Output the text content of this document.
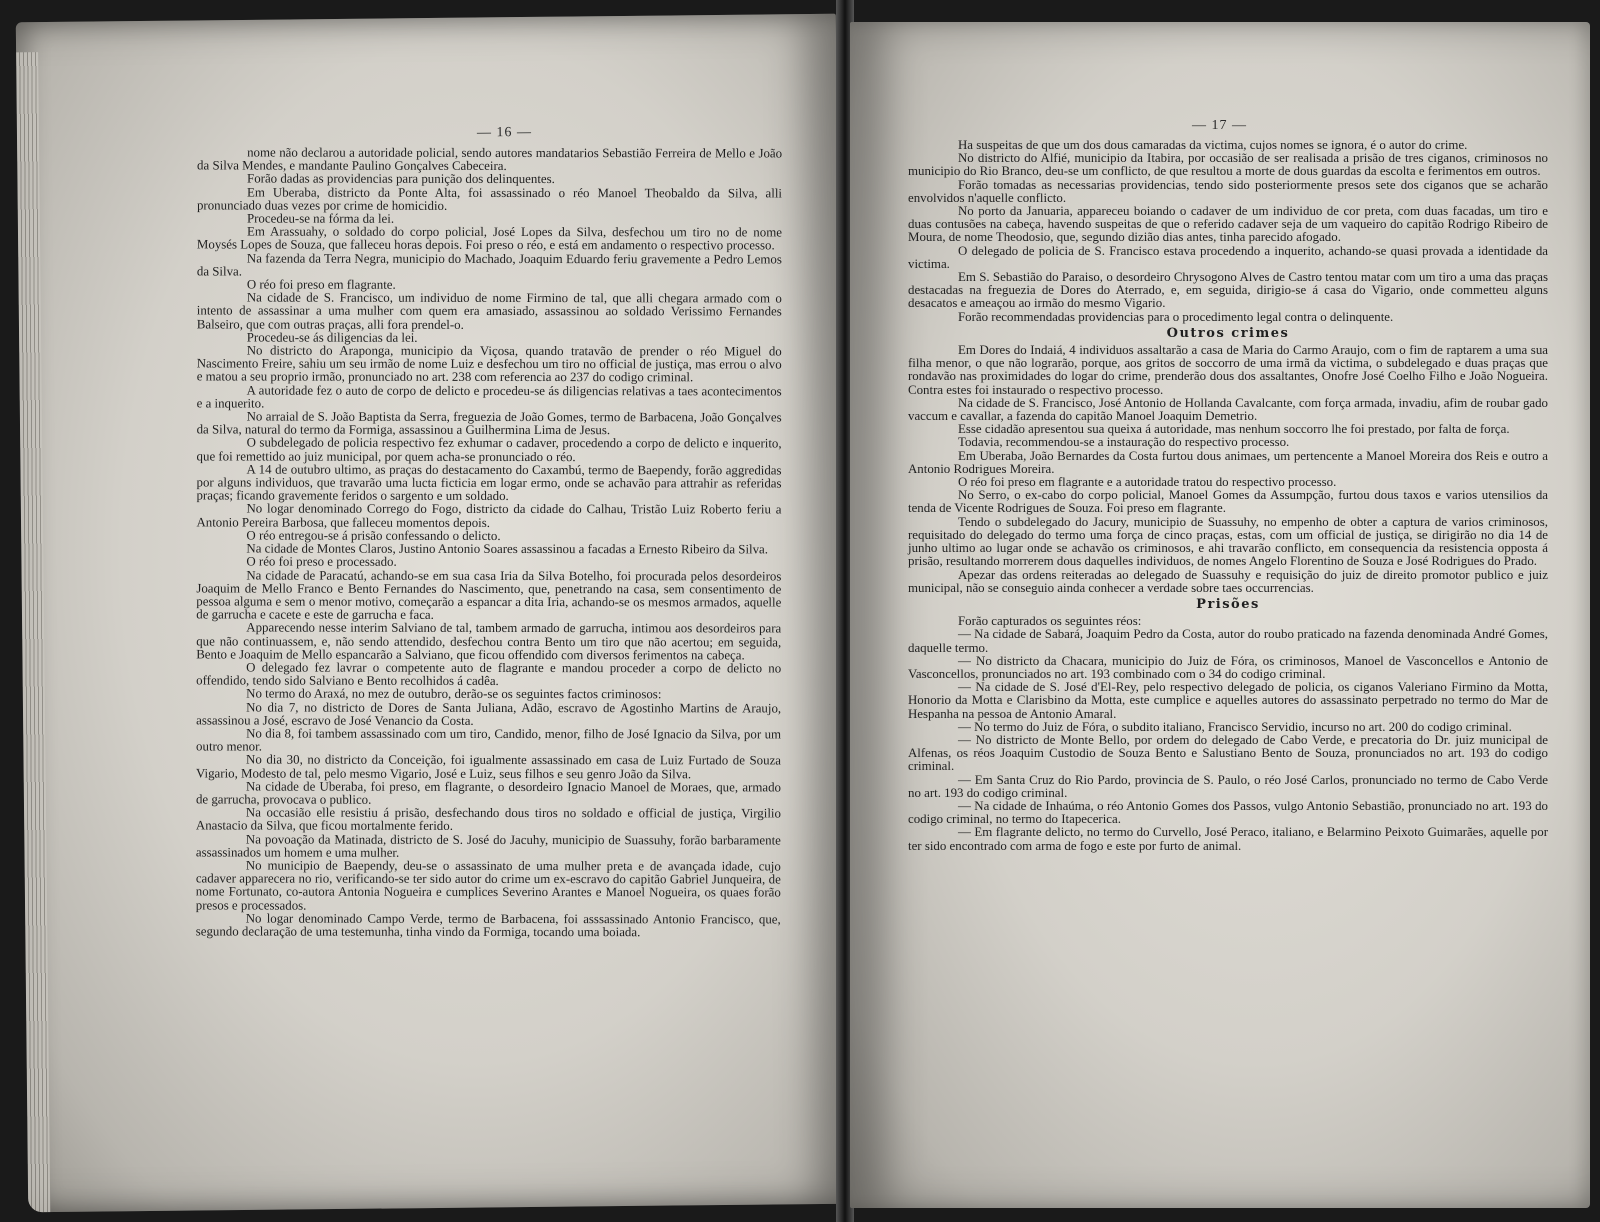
— 16 —

nome não declarou a autoridade policial, sendo autores mandatarios Sebastião Ferreira de Mello e João da Silva Mendes, e mandante Paulino Gonçalves Cabeceira.

Forão dadas as providencias para punição dos delinquentes.

Em Uberaba, districto da Ponte Alta, foi assassinado o réo Manoel Theobaldo da Silva, alli pronunciado duas vezes por crime de homicidio.

Procedeu-se na fórma da lei.

Em Arassuahy, o soldado do corpo policial, José Lopes da Silva, desfechou um tiro no de nome Moysés Lopes de Souza, que falleceu horas depois. Foi preso o réo, e está em andamento o respectivo processo.

Na fazenda da Terra Negra, municipio do Machado, Joaquim Eduardo feriu gravemente a Pedro Lemos da Silva.

O réo foi preso em flagrante.

Na cidade de S. Francisco, um individuo de nome Firmino de tal, que alli chegara armado com o intento de assassinar a uma mulher com quem era amasiado, assassinou ao soldado Verissimo Fernandes Balseiro, que com outras praças, alli fora prendel-o.

Procedeu-se ás diligencias da lei.

No districto do Araponga, municipio da Viçosa, quando tratavão de prender o réo Miguel do Nascimento Freire, sahiu um seu irmão de nome Luiz e desfechou um tiro no official de justiça, mas errou o alvo e matou a seu proprio irmão, pronunciado no art. 238 com referencia ao 237 do codigo criminal.

A autoridade fez o auto de corpo de delicto e procedeu-se ás diligencias relativas a taes acontecimentos e a inquerito.

No arraial de S. João Baptista da Serra, freguezia de João Gomes, termo de Barbacena, João Gonçalves da Silva, natural do termo da Formiga, assassinou a Guilhermina Lima de Jesus.

O subdelegado de policia respectivo fez exhumar o cadaver, procedendo a corpo de delicto e inquerito, que foi remettido ao juiz municipal, por quem acha-se pronunciado o réo.

A 14 de outubro ultimo, as praças do destacamento do Caxambú, termo de Baependy, forão aggredidas por alguns individuos, que travarão uma lucta ficticia em logar ermo, onde se achavão para attrahir as referidas praças; ficando gravemente feridos o sargento e um soldado.

No logar denominado Corrego do Fogo, districto da cidade do Calhau, Tristão Luiz Roberto feriu a Antonio Pereira Barbosa, que falleceu momentos depois.

O réo entregou-se á prisão confessando o delicto.

Na cidade de Montes Claros, Justino Antonio Soares assassinou a facadas a Ernesto Ribeiro da Silva.

O réo foi preso e processado.

Na cidade de Paracatú, achando-se em sua casa Iria da Silva Botelho, foi procurada pelos desordeiros Joaquim de Mello Franco e Bento Fernandes do Nascimento, que, penetrando na casa, sem consentimento de pessoa alguma e sem o menor motivo, começarão a espancar a dita Iria, achando-se os mesmos armados, aquelle de garrucha e cacete e este de garrucha e faca.

Apparecendo nesse interim Salviano de tal, tambem armado de garrucha, intimou aos desordeiros para que não continuassem, e, não sendo attendido, desfechou contra Bento um tiro que não acertou; em seguida, Bento e Joaquim de Mello espancarão a Salviano, que ficou offendido com diversos ferimentos na cabeça.

O delegado fez lavrar o competente auto de flagrante e mandou proceder a corpo de delicto no offendido, tendo sido Salviano e Bento recolhidos á cadêa.

No termo do Araxá, no mez de outubro, derão-se os seguintes factos criminosos:

No dia 7, no districto de Dores de Santa Juliana, Adão, escravo de Agostinho Martins de Araujo, assassinou a José, escravo de José Venancio da Costa.

No dia 8, foi tambem assassinado com um tiro, Candido, menor, filho de José Ignacio da Silva, por um outro menor.

No dia 30, no districto da Conceição, foi igualmente assassinado em casa de Luiz Furtado de Souza Vigario, Modesto de tal, pelo mesmo Vigario, José e Luiz, seus filhos e seu genro João da Silva.

Na cidade de Uberaba, foi preso, em flagrante, o desordeiro Ignacio Manoel de Moraes, que, armado de garrucha, provocava o publico.

Na occasião elle resistiu á prisão, desfechando dous tiros no soldado e official de justiça, Virgilio Anastacio da Silva, que ficou mortalmente ferido.

Na povoação da Matinada, districto de S. José do Jacuhy, municipio de Suassuhy, forão barbaramente assassinados um homem e uma mulher.

No municipio de Baependy, deu-se o assassinato de uma mulher preta e de avançada idade, cujo cadaver apparecera no rio, verificando-se ter sido autor do crime um ex-escravo do capitão Gabriel Junqueira, de nome Fortunato, co-autora Antonia Nogueira e cumplices Severino Arantes e Manoel Nogueira, os quaes forão presos e processados.

No logar denominado Campo Verde, termo de Barbacena, foi asssassinado Antonio Francisco, que, segundo declaração de uma testemunha, tinha vindo da Formiga, tocando uma boiada.

— 17 —

Ha suspeitas de que um dos dous camaradas da victima, cujos nomes se ignora, é o autor do crime.

No districto do Alfié, municipio da Itabira, por occasião de ser realisada a prisão de tres ciganos, criminosos no municipio do Rio Branco, deu-se um conflicto, de que resultou a morte de dous guardas da escolta e ferimentos em outros.

Forão tomadas as necessarias providencias, tendo sido posteriormente presos sete dos ciganos que se acharão envolvidos n'aquelle conflicto.

No porto da Januaria, appareceu boiando o cadaver de um individuo de cor preta, com duas facadas, um tiro e duas contusões na cabeça, havendo suspeitas de que o referido cadaver seja de um vaqueiro do capitão Rodrigo Ribeiro de Moura, de nome Theodosio, que, segundo dizião dias antes, tinha parecido afogado.

O delegado de policia de S. Francisco estava procedendo a inquerito, achando-se quasi provada a identidade da victima.

Em S. Sebastião do Paraiso, o desordeiro Chrysogono Alves de Castro tentou matar com um tiro a uma das praças destacadas na freguezia de Dores do Aterrado, e, em seguida, dirigio-se á casa do Vigario, onde commetteu alguns desacatos e ameaçou ao irmão do mesmo Vigario.

Forão recommendadas providencias para o procedimento legal contra o delinquente.

Outros crimes

Em Dores do Indaiá, 4 individuos assaltarão a casa de Maria do Carmo Araujo, com o fim de raptarem a uma sua filha menor, o que não lograrão, porque, aos gritos de soccorro de uma irmã da victima, o subdelegado e duas praças que rondavão nas proximidades do logar do crime, prenderão dous dos assaltantes, Onofre José Coelho Filho e João Nogueira. Contra estes foi instaurado o respectivo processo.

Na cidade de S. Francisco, José Antonio de Hollanda Cavalcante, com força armada, invadiu, afim de roubar gado vaccum e cavallar, a fazenda do capitão Manoel Joaquim Demetrio.

Esse cidadão apresentou sua queixa á autoridade, mas nenhum soccorro lhe foi prestado, por falta de força.

Todavia, recommendou-se a instauração do respectivo processo.

Em Uberaba, João Bernardes da Costa furtou dous animaes, um pertencente a Manoel Moreira dos Reis e outro a Antonio Rodrigues Moreira.

O réo foi preso em flagrante e a autoridade tratou do respectivo processo.

No Serro, o ex-cabo do corpo policial, Manoel Gomes da Assumpção, furtou dous taxos e varios utensilios da tenda de Vicente Rodrigues de Souza. Foi preso em flagrante.

Tendo o subdelegado do Jacury, municipio de Suassuhy, no empenho de obter a captura de varios criminosos, requisitado do delegado do termo uma força de cinco praças, estas, com um official de justiça, se dirigirão no dia 14 de junho ultimo ao lugar onde se achavão os criminosos, e ahi travarão conflicto, em consequencia da resistencia opposta á prisão, resultando morrerem dous daquelles individuos, de nomes Angelo Florentino de Souza e José Rodrigues do Prado.

Apezar das ordens reiteradas ao delegado de Suassuhy e requisição do juiz de direito promotor publico e juiz municipal, não se conseguio ainda conhecer a verdade sobre taes occurrencias.

Prisões

Forão capturados os seguintes réos:

— Na cidade de Sabará, Joaquim Pedro da Costa, autor do roubo praticado na fazenda denominada André Gomes, daquelle termo.

— No districto da Chacara, municipio do Juiz de Fóra, os criminosos, Manoel de Vasconcellos e Antonio de Vasconcellos, pronunciados no art. 193 combinado com o 34 do codigo criminal.

— Na cidade de S. José d'El-Rey, pelo respectivo delegado de policia, os ciganos Valeriano Firmino da Motta, Honorio da Motta e Clarisbino da Motta, este cumplice e aquelles autores do assassinato perpetrado no termo do Mar de Hespanha na pessoa de Antonio Amaral.

— No termo do Juiz de Fóra, o subdito italiano, Francisco Servidio, incurso no art. 200 do codigo criminal.

— No districto de Monte Bello, por ordem do delegado de Cabo Verde, e precatoria do Dr. juiz municipal de Alfenas, os réos Joaquim Custodio de Souza Bento e Salustiano Bento de Souza, pronunciados no art. 193 do codigo criminal.

— Em Santa Cruz do Rio Pardo, provincia de S. Paulo, o réo José Carlos, pronunciado no termo de Cabo Verde no art. 193 do codigo criminal.

— Na cidade de Inhaúma, o réo Antonio Gomes dos Passos, vulgo Antonio Sebastião, pronunciado no art. 193 do codigo criminal, no termo do Itapecerica.

— Em flagrante delicto, no termo do Curvello, José Peraco, italiano, e Belarmino Peixoto Guimarães, aquelle por ter sido encontrado com arma de fogo e este por furto de animal.
